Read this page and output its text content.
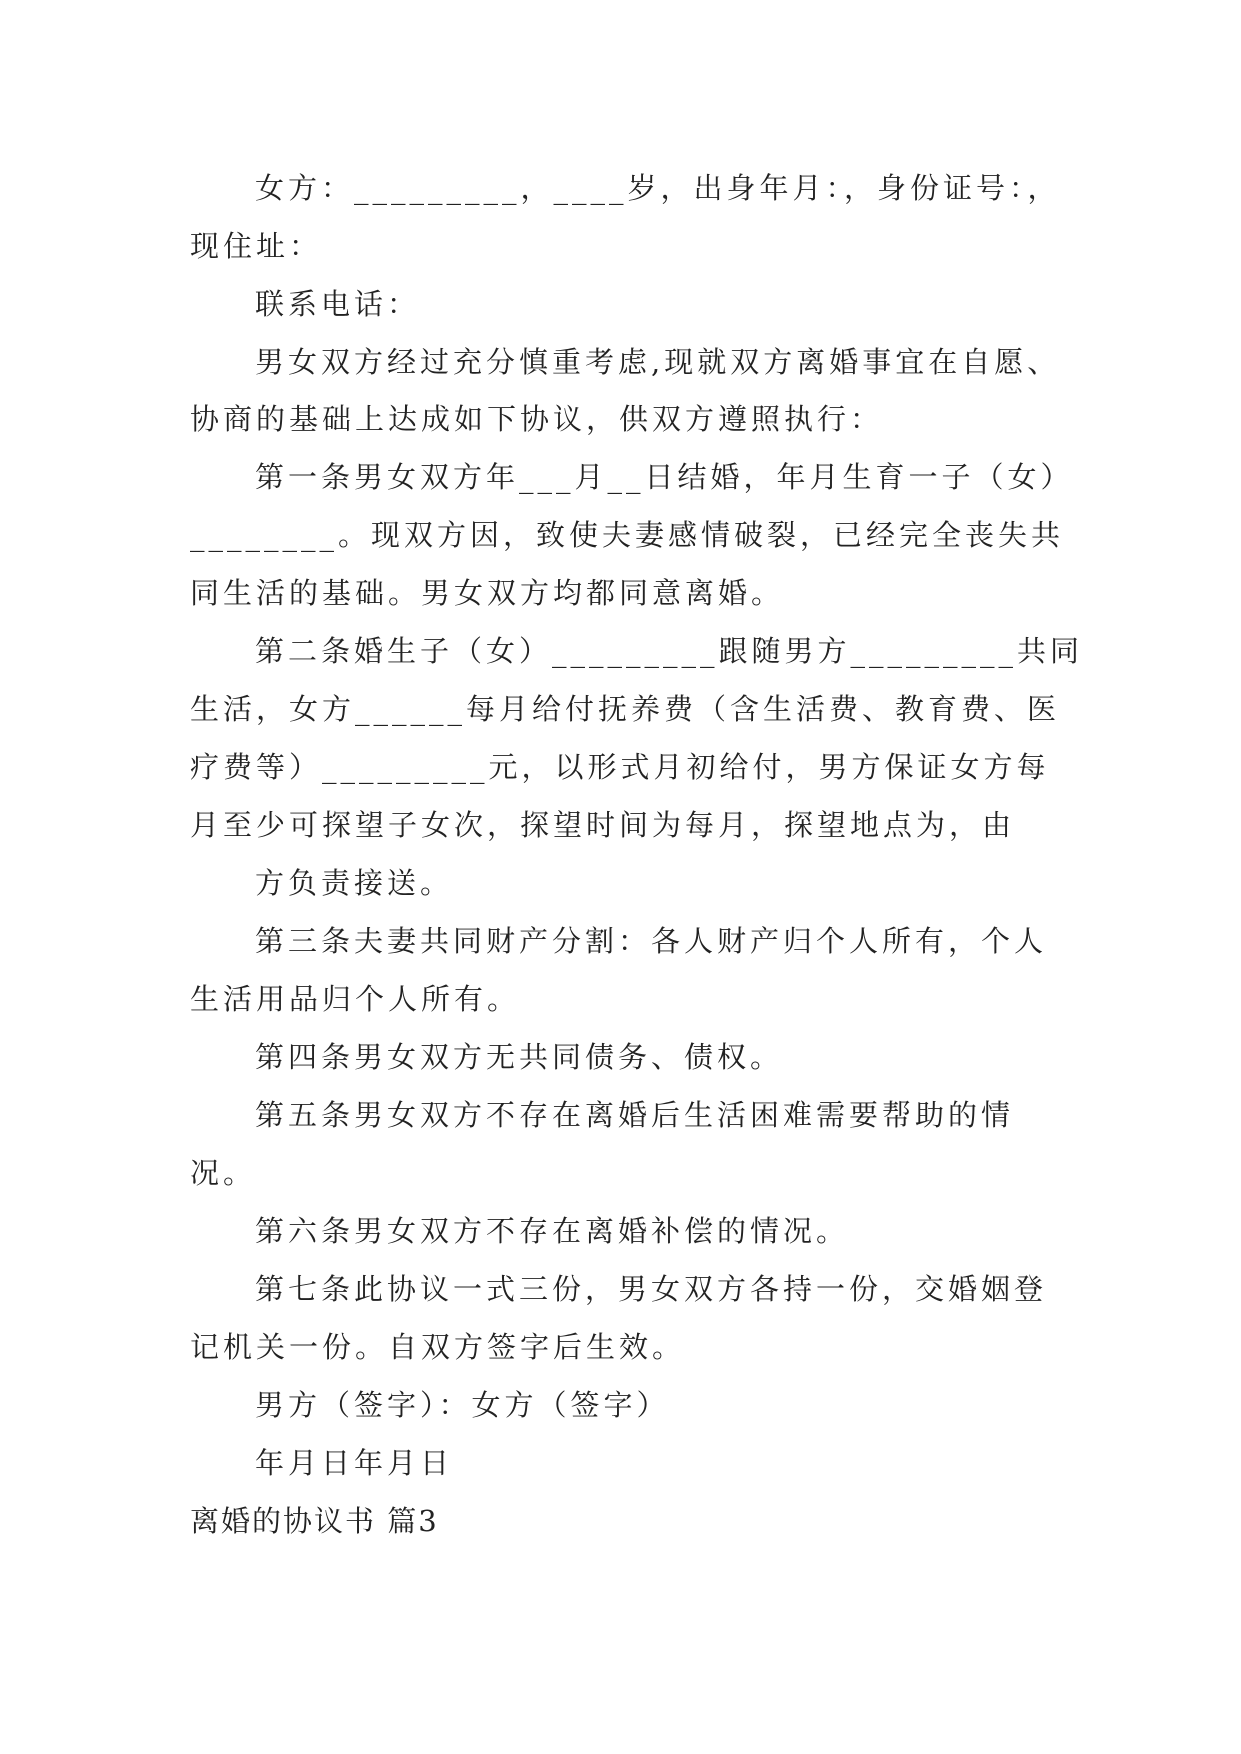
女方：_________，____岁，出身年月：，身份证号：，
现住址：
联系电话：
男女双方经过充分慎重考虑,现就双方离婚事宜在自愿、
协商的基础上达成如下协议，供双方遵照执行：
第一条男女双方年___月__日结婚，年月生育一子（女）
________。现双方因，致使夫妻感情破裂，已经完全丧失共
同生活的基础。男女双方均都同意离婚。
第二条婚生子（女）_________跟随男方_________共同
生活，女方______每月给付抚养费（含生活费、教育费、医
疗费等）_________元，以形式月初给付，男方保证女方每
月至少可探望子女次，探望时间为每月，探望地点为，由
方负责接送。
第三条夫妻共同财产分割：各人财产归个人所有，个人
生活用品归个人所有。
第四条男女双方无共同债务、债权。
第五条男女双方不存在离婚后生活困难需要帮助的情
况。
第六条男女双方不存在离婚补偿的情况。
第七条此协议一式三份，男女双方各持一份，交婚姻登
记机关一份。自双方签字后生效。
男方（签字）：女方（签字）
年月日年月日
离婚的协议书 篇3
